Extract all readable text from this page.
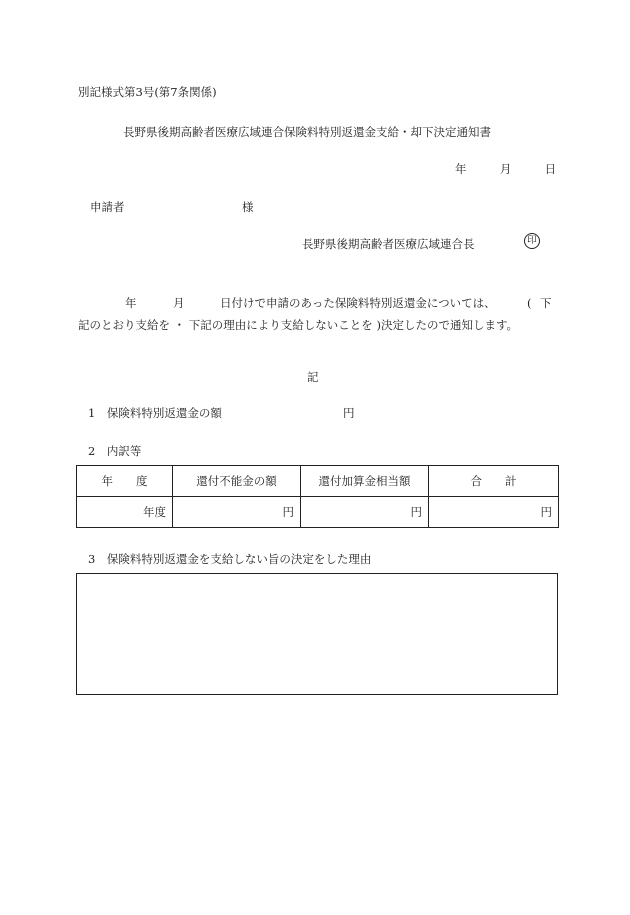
別記様式第3号(第7条関係)
長野県後期高齢者医療広域連合保険料特別返還金支給・却下決定通知書
年	月	日
申請者	様
長野県後期高齢者医療広域連合長	印
年	月	日付けで申請のあった保険料特別返還金については、	( 下
記のとおり支給を ・ 下記の理由により支給しないことを )決定したので通知します。
記
1　保険料特別返還金の額	円
2　内訳等
年　　度	還付不能金の額	還付加算金相当額	合　　計
年度	円	円	円
3　保険料特別返還金を支給しない旨の決定をした理由
